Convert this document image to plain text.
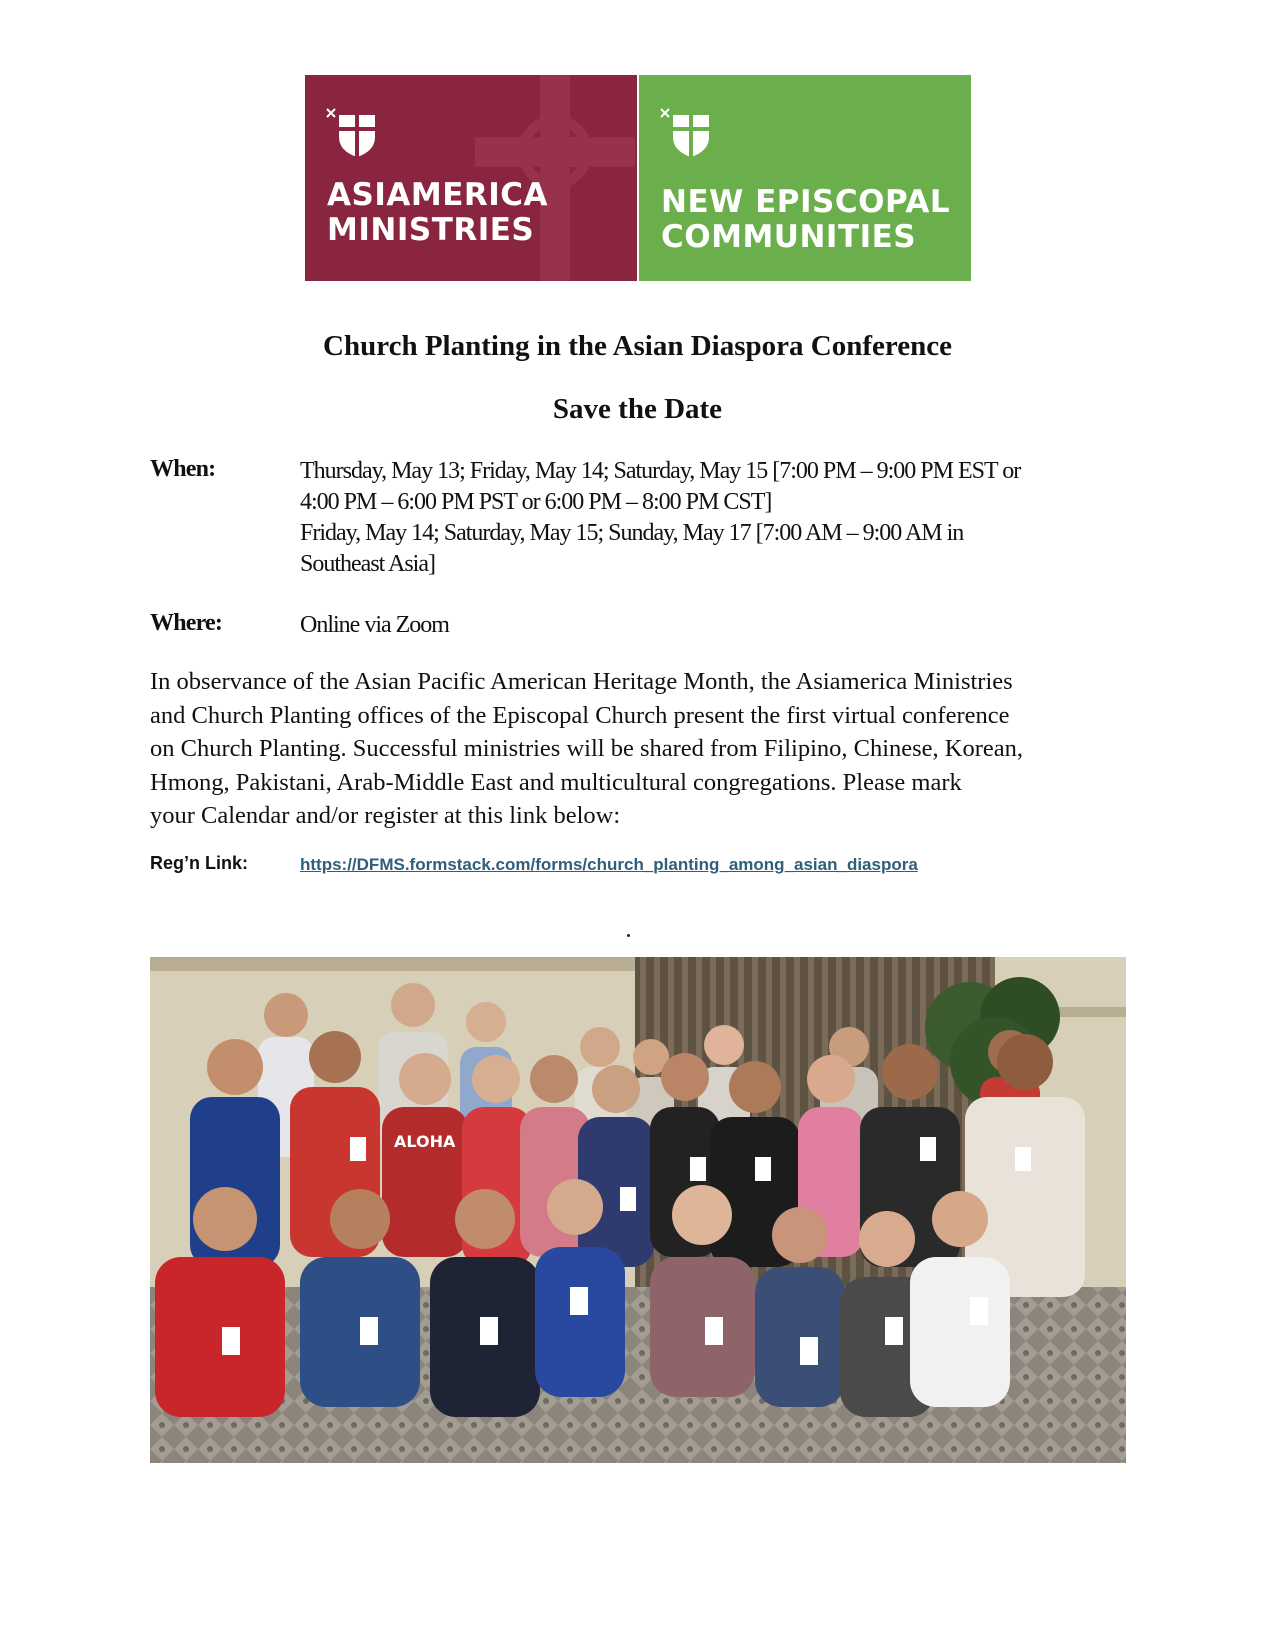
ASIAMERICA
MINISTRIES
NEW EPISCOPAL
COMMUNITIES
Church Planting in the Asian Diaspora Conference
Save the Date
When:	Thursday, May 13; Friday, May 14; Saturday, May 15 [7:00 PM – 9:00 PM EST or
4:00 PM – 6:00 PM PST or 6:00 PM – 8:00 PM CST]
Friday, May 14; Saturday, May 15; Sunday, May 17 [7:00 AM – 9:00 AM in
Southeast Asia]
Where:	Online via Zoom
In observance of the Asian Pacific American Heritage Month, the Asiamerica Ministries
and Church Planting offices of the Episcopal Church present the first virtual conference
on Church Planting. Successful ministries will be shared from Filipino, Chinese, Korean,
Hmong, Pakistani, Arab-Middle East and multicultural congregations. Please mark
your Calendar and/or register at this link below:
Reg’n Link:	https://DFMS.formstack.com/forms/church_planting_among_asian_diaspora
ALOHA
